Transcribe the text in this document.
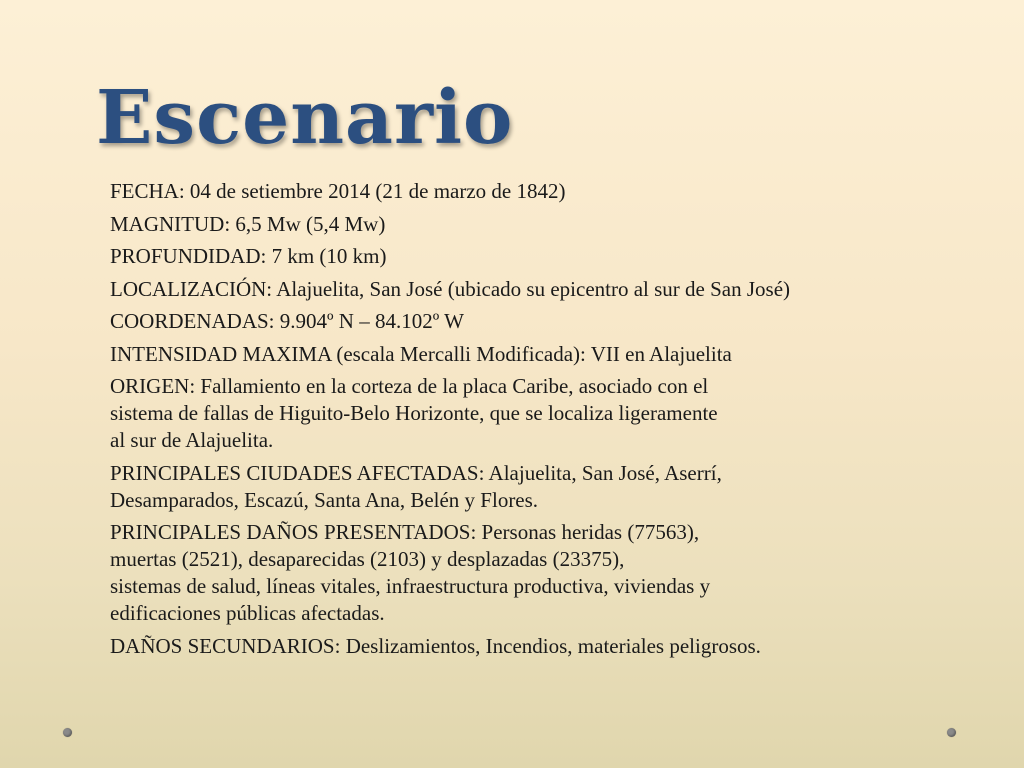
Escenario

FECHA: 04 de setiembre 2014 (21 de marzo de 1842)

MAGNITUD: 6,5 Mw (5,4 Mw)

PROFUNDIDAD: 7 km (10 km)

LOCALIZACIÓN: Alajuelita, San José (ubicado su epicentro al sur de San José)

COORDENADAS: 9.904º N – 84.102º W

INTENSIDAD MAXIMA (escala Mercalli Modificada): VII en Alajuelita

ORIGEN: Fallamiento en la corteza de la placa Caribe, asociado con el
sistema de fallas de Higuito-Belo Horizonte, que se localiza ligeramente
al sur de Alajuelita.

PRINCIPALES CIUDADES AFECTADAS: Alajuelita, San José, Aserrí,
Desamparados, Escazú, Santa Ana, Belén y Flores.

PRINCIPALES DAÑOS PRESENTADOS: Personas heridas (77563),
muertas (2521), desaparecidas (2103) y desplazadas (23375),
sistemas de salud, líneas vitales, infraestructura productiva, viviendas y
edificaciones públicas afectadas.

DAÑOS SECUNDARIOS: Deslizamientos, Incendios, materiales peligrosos.
